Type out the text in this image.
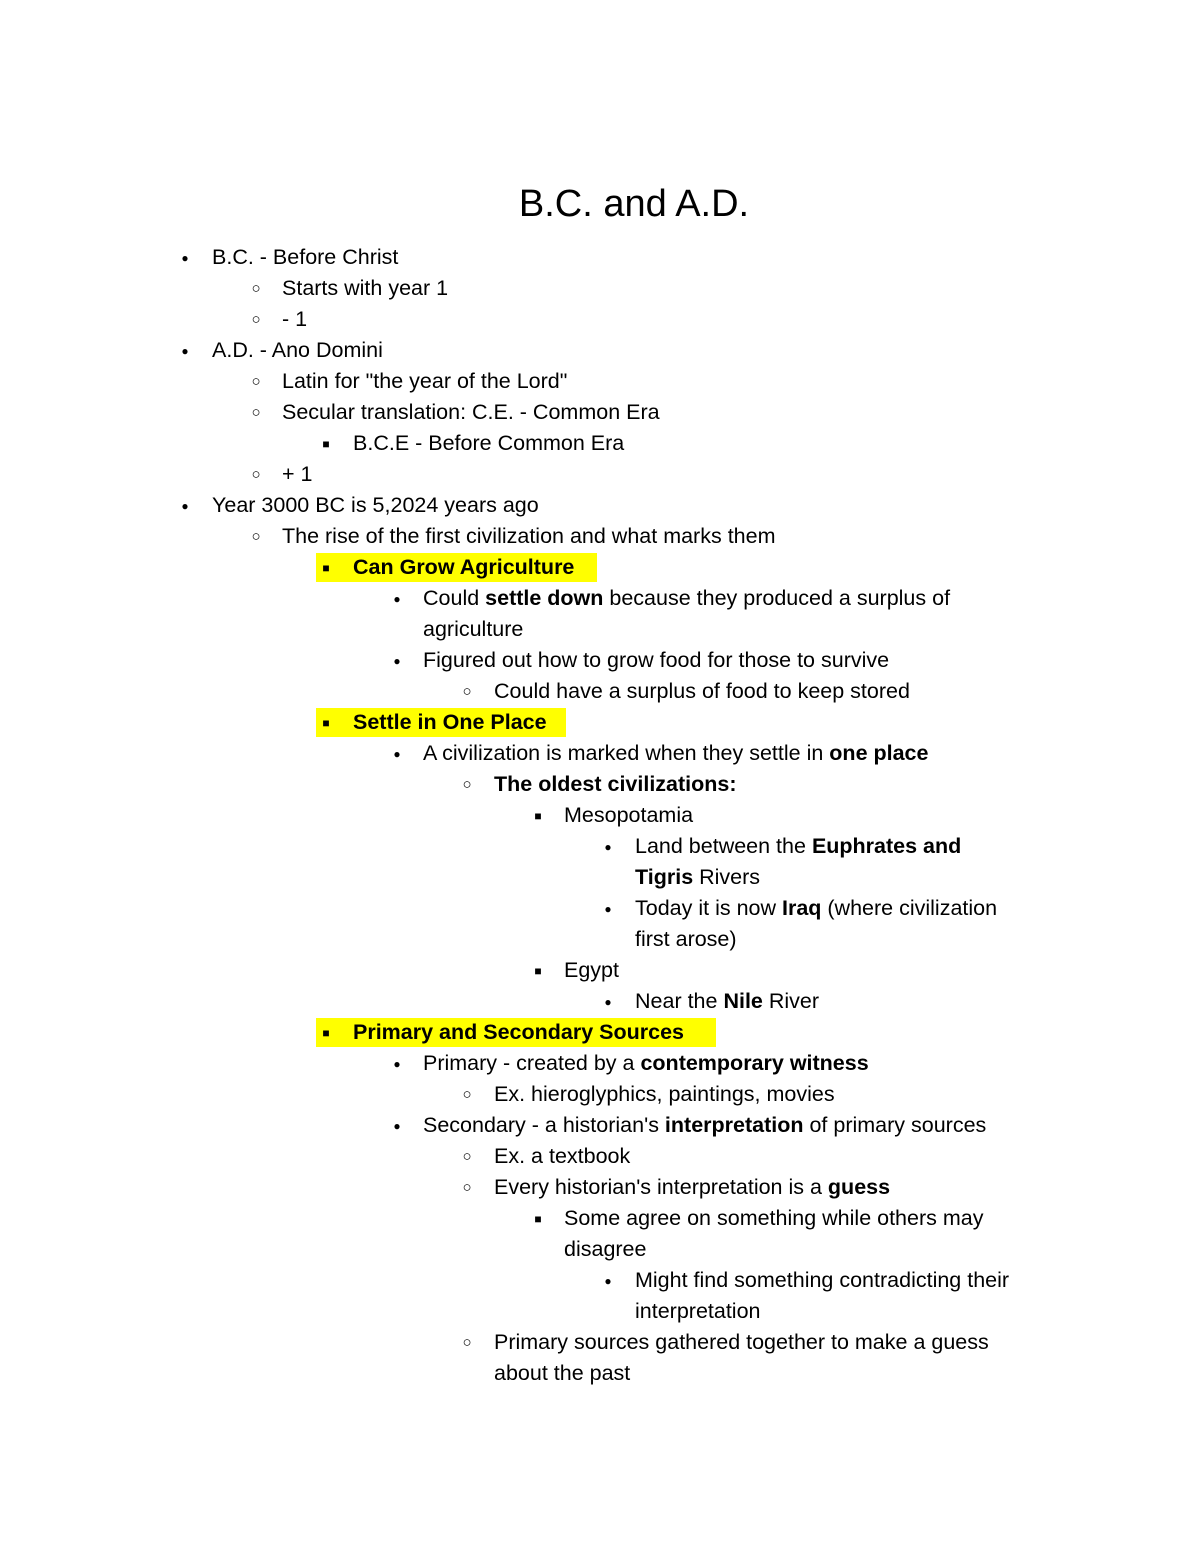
B.C. and A.D.
●
B.C. - Before Christ
○
Starts with year 1
○
- 1
●
A.D. - Ano Domini
○
Latin for "the year of the Lord"
○
Secular translation: C.E. - Common Era
■
B.C.E - Before Common Era
○
+ 1
●
Year 3000 BC is 5,2024 years ago
○
The rise of the first civilization and what marks them
■
Can Grow Agriculture
●
Could settle down because they produced a surplus of
agriculture
●
Figured out how to grow food for those to survive
○
Could have a surplus of food to keep stored
■
Settle in One Place
●
A civilization is marked when they settle in one place
○
The oldest civilizations:
■
Mesopotamia
●
Land between the Euphrates and
Tigris Rivers
●
Today it is now Iraq (where civilization
first arose)
■
Egypt
●
Near the Nile River
■
Primary and Secondary Sources
●
Primary - created by a contemporary witness
○
Ex. hieroglyphics, paintings, movies
●
Secondary - a historian's interpretation of primary sources
○
Ex. a textbook
○
Every historian's interpretation is a guess
■
Some agree on something while others may
disagree
●
Might find something contradicting their
interpretation
○
Primary sources gathered together to make a guess
about the past
